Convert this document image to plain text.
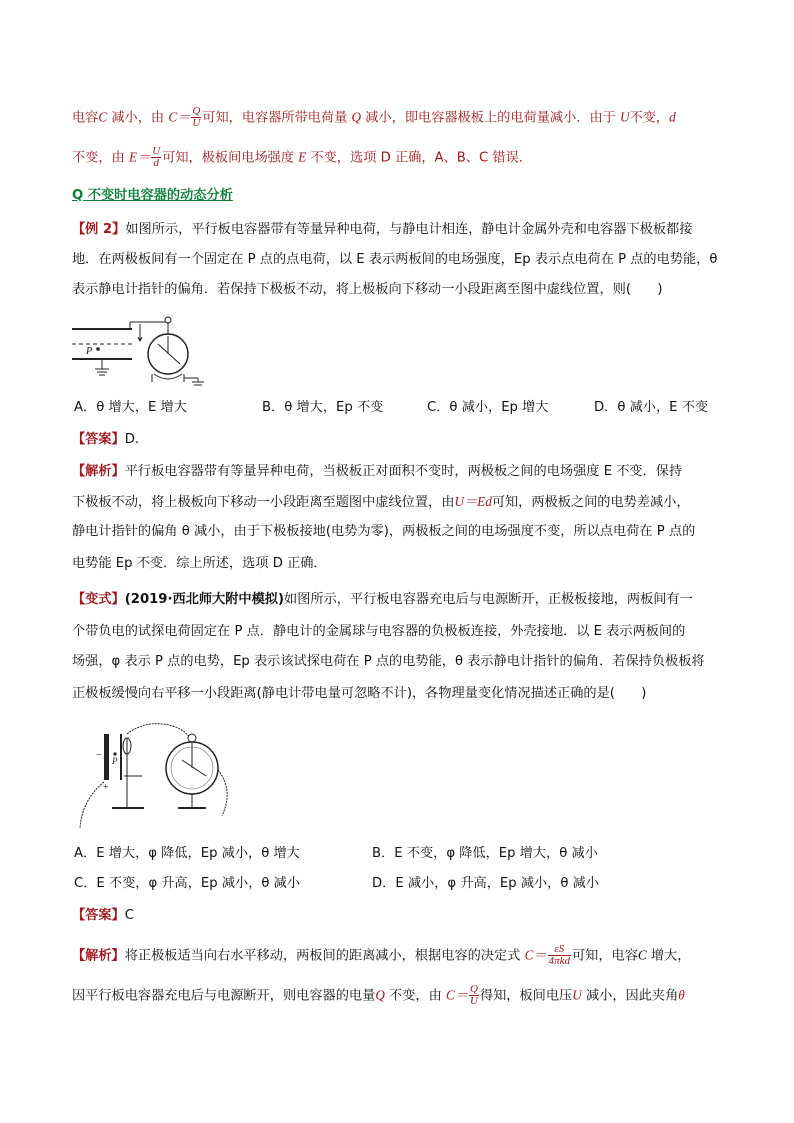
电容C 减小，由 $C= \frac{Q}{U}$ 可知，电容器所带电荷量 Q 减小，即电容器极板上的电荷量减小．由于 U不变，d
不变，由 $E= \frac{U}{d}$ 可知，极板间电场强度 E 不变，选项 D 正确，A、B、C 错误．
Q 不变时电容器的动态分析
【例 2】如图所示，平行板电容器带有等量异种电荷，与静电计相连，静电计金属外壳和电容器下极板都接
地．在两极板间有一个固定在 P 点的点电荷，以 E 表示两板间的电场强度，Ep 表示点电荷在 P 点的电势能，θ
表示静电计指针的偏角．若保持下极板不动，将上极板向下移动一小段距离至图中虚线位置，则(　　)
P
A．θ 增大，E 增大	B．θ 增大，Ep 不变	C．θ 减小，Ep 增大	D．θ 减小，E 不变
【答案】D.
【解析】平行板电容器带有等量异种电荷，当极板正对面积不变时，两极板之间的电场强度 E 不变．保持
下极板不动，将上极板向下移动一小段距离至题图中虚线位置，由U＝Ed可知，两极板之间的电势差减小，
静电计指针的偏角 θ 减小，由于下极板接地(电势为零)，两极板之间的电场强度不变，所以点电荷在 P 点的
电势能 Ep 不变．综上所述，选项 D 正确．
【变式】(2019·西北师大附中模拟)如图所示，平行板电容器充电后与电源断开，正极板接地，两板间有一
个带负电的试探电荷固定在 P 点．静电计的金属球与电容器的负极板连接，外壳接地．以 E 表示两板间的
场强，φ 表示 P 点的电势，Ep 表示该试探电荷在 P 点的电势能，θ 表示静电计指针的偏角．若保持负极板将
正极板缓慢向右平移一小段距离(静电计带电量可忽略不计)，各物理量变化情况描述正确的是(　　)
−
+
P
A．E 增大，φ 降低，Ep 减小，θ 增大	B．E 不变，φ 降低，Ep 增大，θ 减小
C．E 不变，φ 升高，Ep 减小，θ 减小	D．E 减小，φ 升高，Ep 减小，θ 减小
【答案】C
【解析】将正极板适当向右水平移动，两板间的距离减小，根据电容的决定式 $C= \frac{\varepsilon S}{\text{4πkd}}$ 可知，电容C 增大，
因平行板电容器充电后与电源断开，则电容器的电量Q 不变，由 $C= \frac{Q}{U}$ 得知，板间电压U 减小，因此夹角θ
